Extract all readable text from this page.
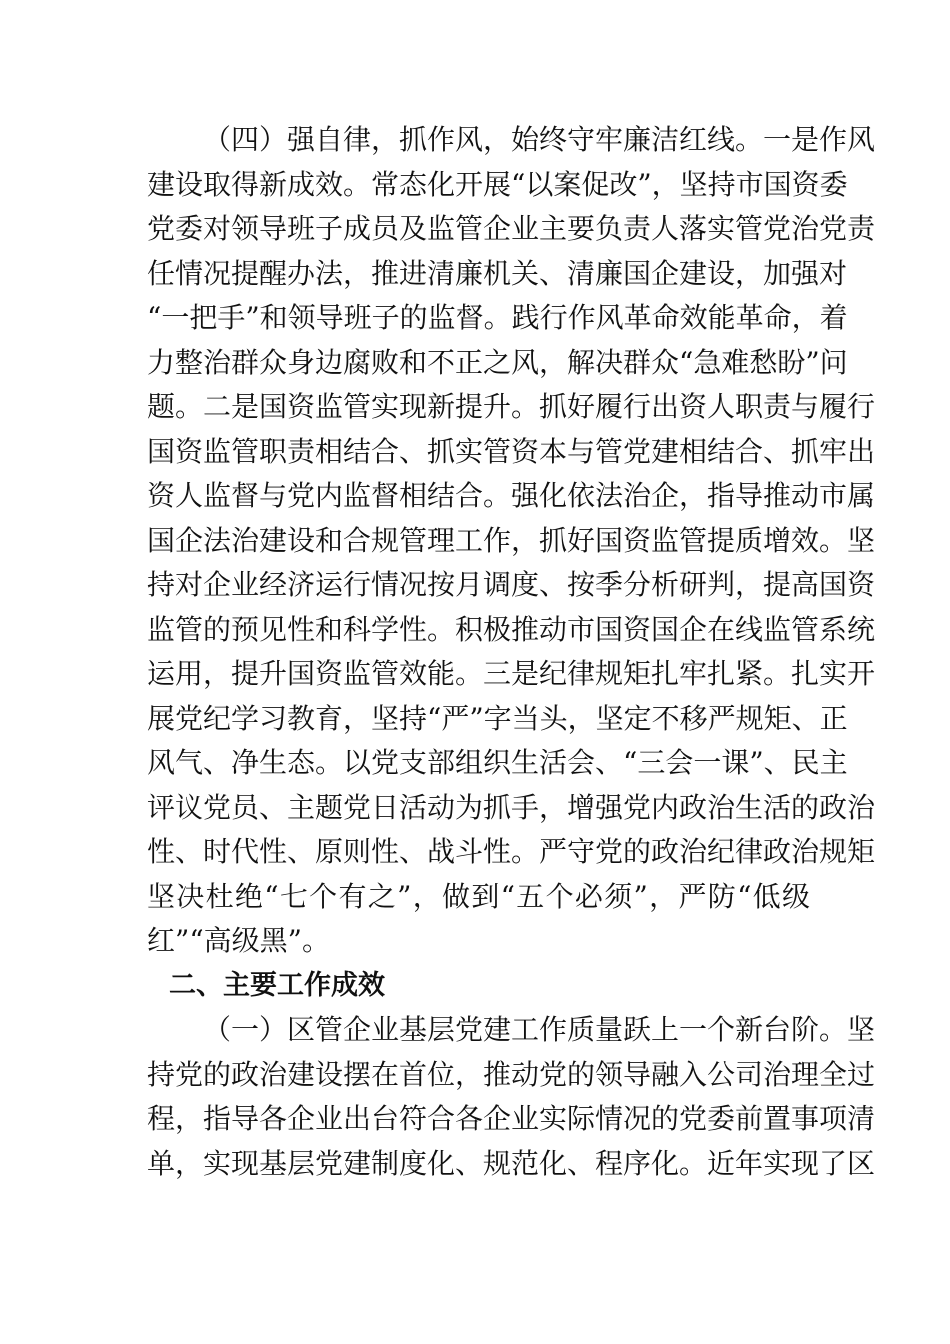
（四）强自律，抓作风，始终守牢廉洁红线。一是作风
建设取得新成效。常态化开展“以案促改”，坚持市国资委
党委对领导班子成员及监管企业主要负责人落实管党治党责
任情况提醒办法，推进清廉机关、清廉国企建设，加强对
“一把手”和领导班子的监督。践行作风革命效能革命，着
力整治群众身边腐败和不正之风，解决群众“急难愁盼”问
题。二是国资监管实现新提升。抓好履行出资人职责与履行
国资监管职责相结合、抓实管资本与管党建相结合、抓牢出
资人监督与党内监督相结合。强化依法治企，指导推动市属
国企法治建设和合规管理工作，抓好国资监管提质增效。坚
持对企业经济运行情况按月调度、按季分析研判，提高国资
监管的预见性和科学性。积极推动市国资国企在线监管系统
运用，提升国资监管效能。三是纪律规矩扎牢扎紧。扎实开
展党纪学习教育，坚持“严”字当头，坚定不移严规矩、正
风气、净生态。以党支部组织生活会、“三会一课”、民主
评议党员、主题党日活动为抓手，增强党内政治生活的政治
性、时代性、原则性、战斗性。严守党的政治纪律政治规矩
坚决杜绝“七个有之”，做到“五个必须”，严防“低级
红”“高级黑”。
二、主要工作成效
（一）区管企业基层党建工作质量跃上一个新台阶。坚
持党的政治建设摆在首位，推动党的领导融入公司治理全过
程，指导各企业出台符合各企业实际情况的党委前置事项清
单，实现基层党建制度化、规范化、程序化。近年实现了区
